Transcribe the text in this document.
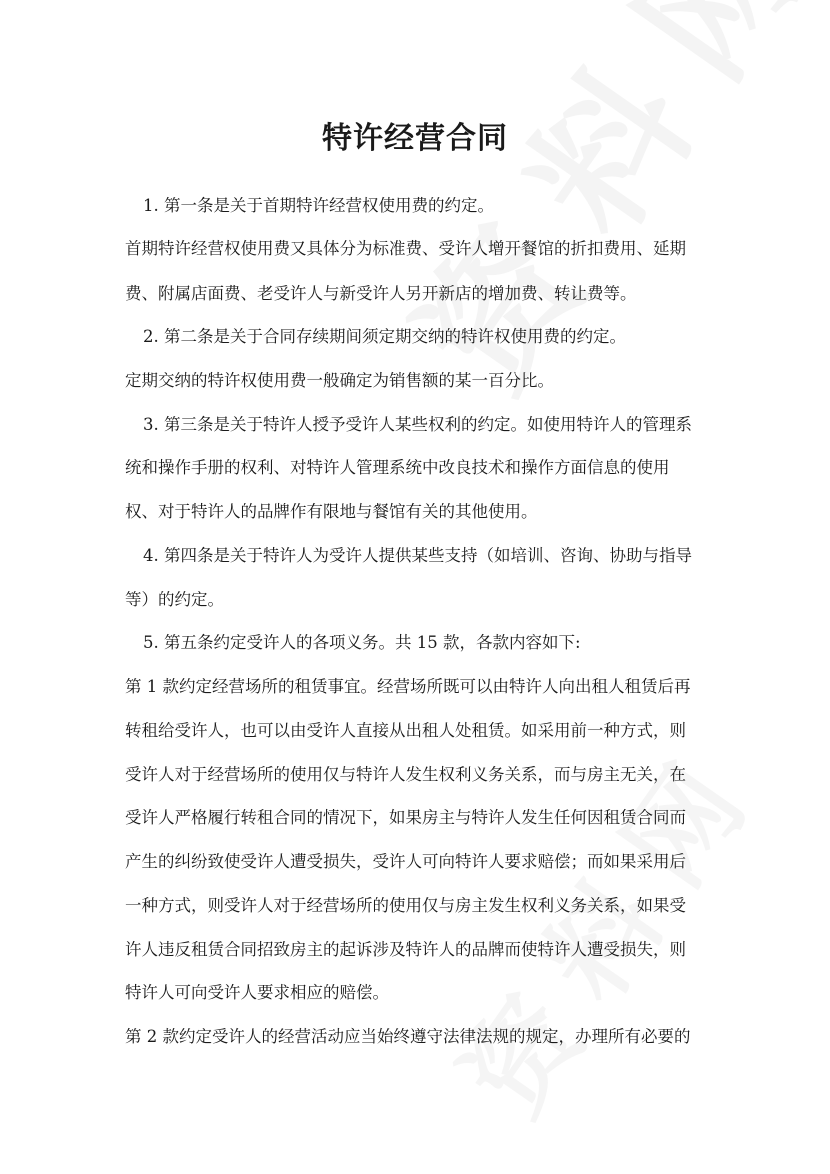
特许经营合同
1. 第一条是关于首期特许经营权使用费的约定。
首期特许经营权使用费又具体分为标准费、受许人增开餐馆的折扣费用、延期
费、附属店面费、老受许人与新受许人另开新店的增加费、转让费等。
2. 第二条是关于合同存续期间须定期交纳的特许权使用费的约定。
定期交纳的特许权使用费一般确定为销售额的某一百分比。
3. 第三条是关于特许人授予受许人某些权利的约定。如使用特许人的管理系
统和操作手册的权利、对特许人管理系统中改良技术和操作方面信息的使用
权、对于特许人的品牌作有限地与餐馆有关的其他使用。
4. 第四条是关于特许人为受许人提供某些支持（如培训、咨询、协助与指导
等）的约定。
5. 第五条约定受许人的各项义务。共 15 款，各款内容如下:
第 1 款约定经营场所的租赁事宜。经营场所既可以由特许人向出租人租赁后再
转租给受许人，也可以由受许人直接从出租人处租赁。如采用前一种方式，则
受许人对于经营场所的使用仅与特许人发生权利义务关系，而与房主无关，在
受许人严格履行转租合同的情况下，如果房主与特许人发生任何因租赁合同而
产生的纠纷致使受许人遭受损失，受许人可向特许人要求赔偿；而如果采用后
一种方式，则受许人对于经营场所的使用仅与房主发生权利义务关系，如果受
许人违反租赁合同招致房主的起诉涉及特许人的品牌而使特许人遭受损失，则
特许人可向受许人要求相应的赔偿。
第 2 款约定受许人的经营活动应当始终遵守法律法规的规定，办理所有必要的
